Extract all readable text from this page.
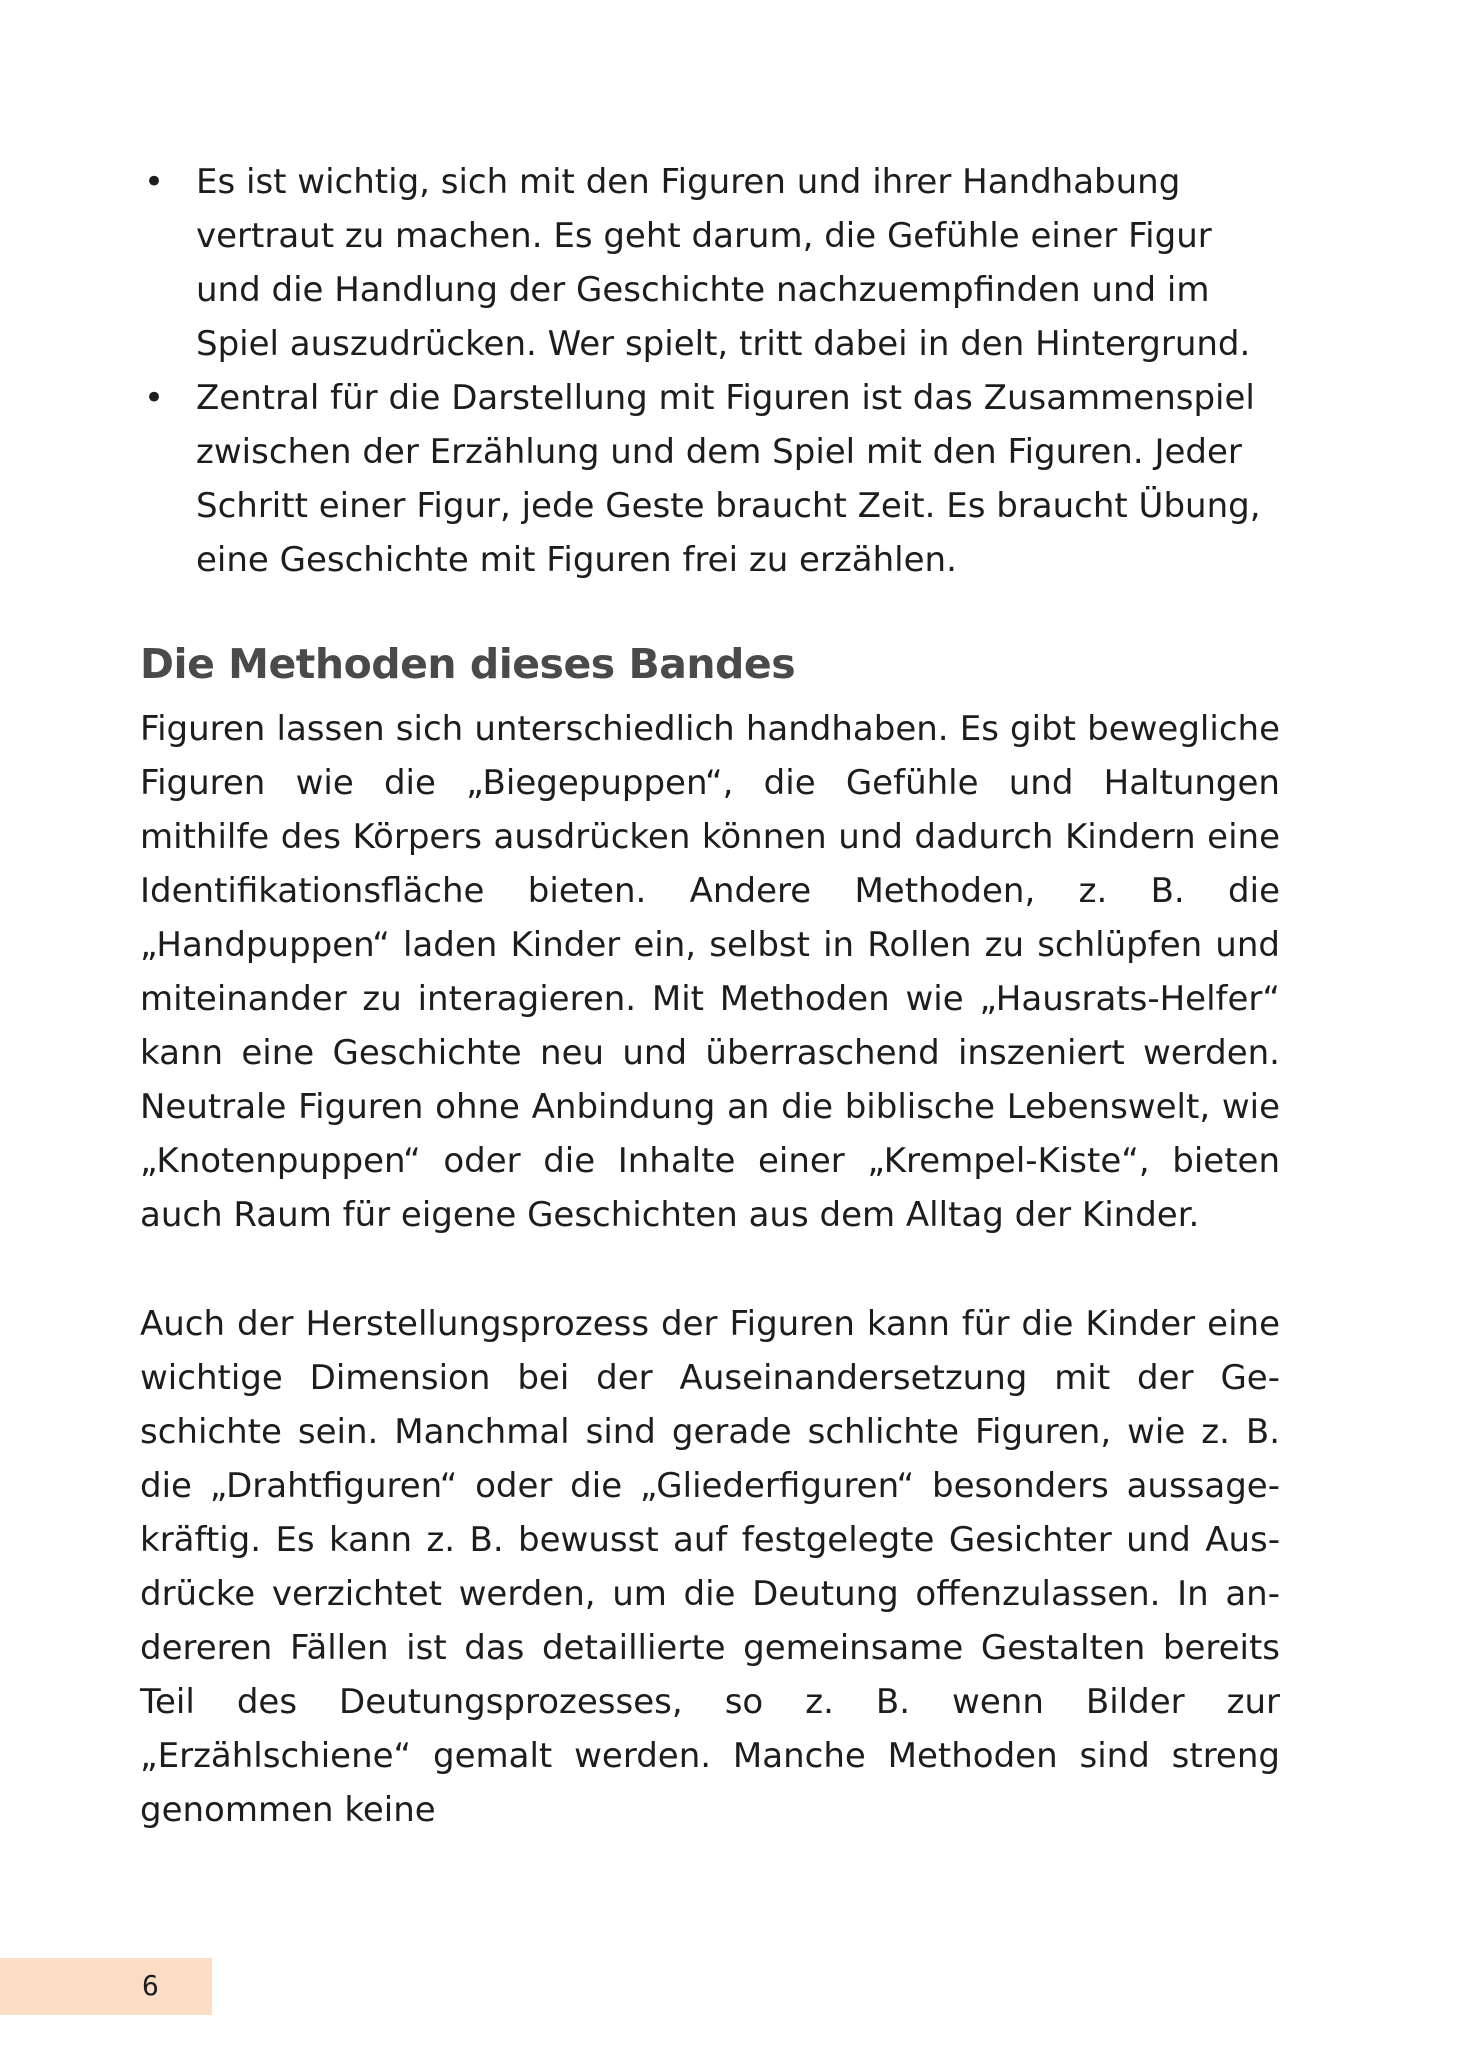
• Es ist wichtig, sich mit den Figuren und ihrer Handhabung vertraut zu machen. Es geht darum, die Gefühle einer Figur und die Handlung der Geschichte nachzuempfinden und im Spiel auszudrücken. Wer spielt, tritt dabei in den Hintergrund.
• Zentral für die Darstellung mit Figuren ist das Zusammenspiel zwischen der Erzählung und dem Spiel mit den Figuren. Jeder Schritt einer Figur, jede Geste braucht Zeit. Es braucht Übung, eine Geschichte mit Figuren frei zu erzählen.
Die Methoden dieses Bandes

Figuren lassen sich unterschiedlich handhaben. Es gibt bewegliche Figuren wie die „Biegepuppen“, die Gefühle und Haltungen mithilfe des Körpers ausdrücken können und dadurch Kindern eine Identifikationsfläche bieten. Andere Methoden, z. B. die „Handpuppen“ laden Kinder ein, selbst in Rollen zu schlüpfen und miteinander zu interagieren. Mit Methoden wie „Hausrats-Helfer“ kann eine Geschichte neu und überraschend inszeniert werden. Neutrale Figuren ohne Anbindung an die biblische Lebenswelt, wie „Knotenpuppen“ oder die Inhalte einer „Krempel-Kiste“, bieten auch Raum für eigene Geschichten aus dem Alltag der Kinder.

Auch der Herstellungsprozess der Figuren kann für die Kinder eine wichtige Dimension bei der Auseinandersetzung mit der Geschichte sein. Manchmal sind gerade schlichte Figuren, wie z. B. die „Drahtfiguren“ oder die „Gliederfiguren“ besonders aussagekräftig. Es kann z. B. bewusst auf festgelegte Gesichter und Ausdrücke verzichtet werden, um die Deutung offenzulassen. In andereren Fällen ist das detaillierte gemeinsame Gestalten bereits Teil des Deutungsprozesses, so z. B. wenn Bilder zur „Erzählschiene“ gemalt werden. Manche Methoden sind streng genommen keine

6
